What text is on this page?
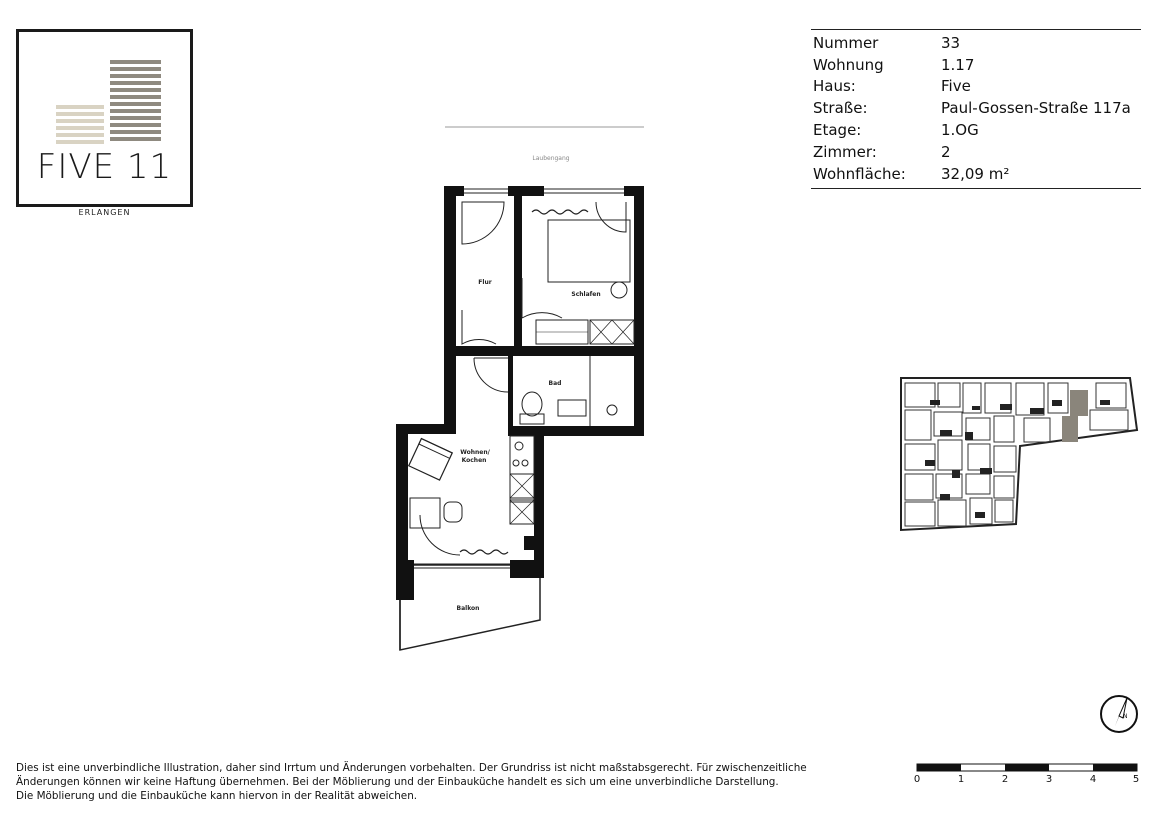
FIVE 11
ERLANGEN
Nummer	33
Wohnung	1.17
Haus:	Five
Straße:	Paul-Gossen-Straße 117a
Etage:	1.OG
Zimmer:	2
Wohnfläche:	32,09 m²
Laubengang
Flur
Schlafen
Bad
Wohnen/
Kochen
Balkon
N
Dies ist eine unverbindliche Illustration, daher sind Irrtum und Änderungen vorbehalten. Der Grundriss ist nicht maßstabsgerecht. Für zwischenzeitliche
Änderungen können wir keine Haftung übernehmen. Bei der Möblierung und der Einbauküche handelt es sich um eine unverbindliche Darstellung.
Die Möblierung und die Einbauküche kann hiervon in der Realität abweichen.
0	1	2	3	4	5
